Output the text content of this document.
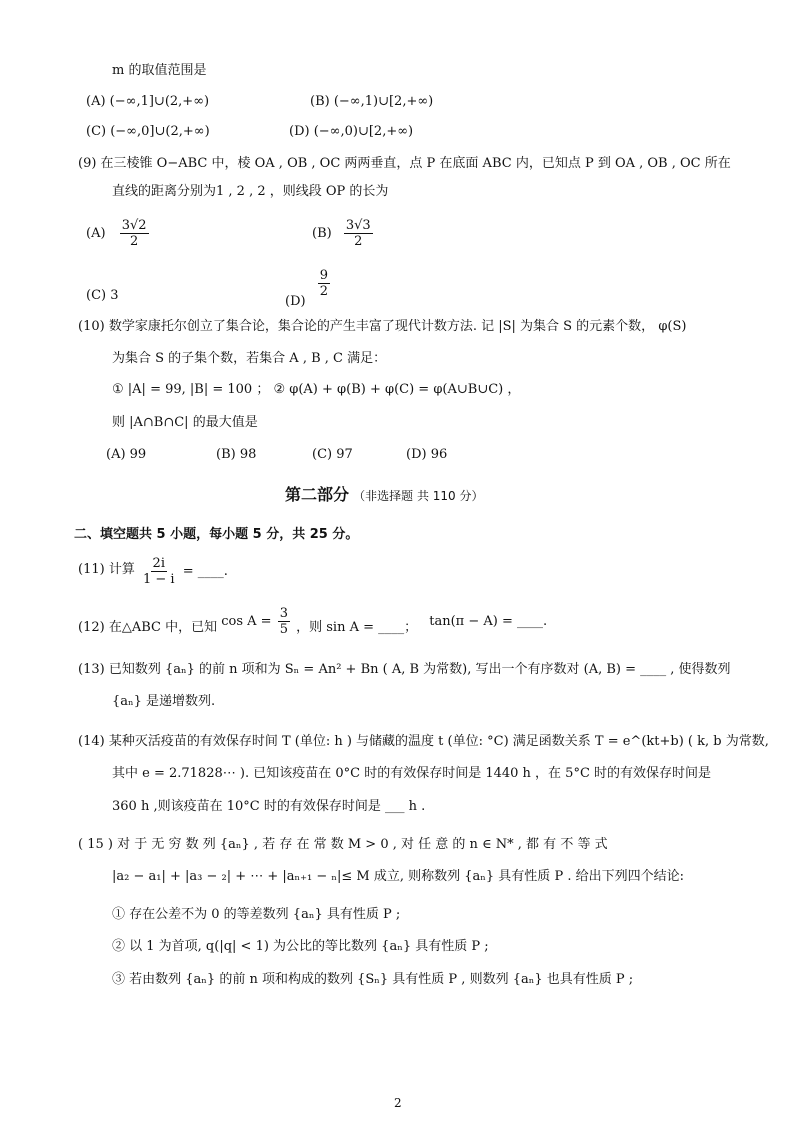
m 的取值范围是
(A) (−∞,1]∪(2,+∞)	(B) (−∞,1)∪[2,+∞)
(C) (−∞,0]∪(2,+∞)	(D) (−∞,0)∪[2,+∞)
(9) 在三棱锥 O−ABC 中，棱 OA , OB , OC 两两垂直，点 P 在底面 ABC 内，已知点 P 到 OA , OB , OC 所在
直线的距离分别为1 , 2 , 2 ，则线段 OP 的长为
$(A) \frac{3√2}{2}$	$(B) \frac{3√3}{2}$
(C) 3	(D)
$\frac{9}{2}$
(10) 数学家康托尔创立了集合论，集合论的产生丰富了现代计数方法. 记 |S| 为集合 S 的元素个数， φ(S)
为集合 S 的子集个数，若集合 A , B , C 满足：
① |A| = 99, |B| = 100 ； ② φ(A) + φ(B) + φ(C) = φ(A∪B∪C) ，
则 |A∩B∩C| 的最大值是
(A) 99	(B) 98	(C) 97	(D) 96
第二部分 （非选择题 共 110 分）
二、填空题共 5 小题，每小题 5 分，共 25 分。
(11) 计算 $\frac{2i}{1 - i}$ = ____.
(12) 在△ABC 中，已知 $\cos A = \frac{3}{5}$ ，则 sin A = ____； tan(π − A) = ____.
(13) 已知数列 {aₙ} 的前 n 项和为 Sₙ = An² + Bn ( A, B 为常数), 写出一个有序数对 (A, B) = ____ , 使得数列
{aₙ} 是递增数列.
(14) 某种灭活疫苗的有效保存时间 T (单位: h ) 与储藏的温度 t (单位: °C) 满足函数关系 T = e^(kt+b) ( k, b 为常数,
其中 e = 2.71828⋯ ). 已知该疫苗在 0°C 时的有效保存时间是 1440 h ，在 5°C 时的有效保存时间是
360 h ,则该疫苗在 10°C 时的有效保存时间是 ___ h .
( 15 ) 对 于 无 穷 数 列 {aₙ} , 若 存 在 常 数 M > 0 , 对 任 意 的 n ∈ N* , 都 有 不 等 式
|a₂ − a₁| + |a₃ − ₂| + ⋯ + |aₙ₊₁ − ₙ|≤ M 成立, 则称数列 {aₙ} 具有性质 P . 给出下列四个结论:
① 存在公差不为 0 的等差数列 {aₙ} 具有性质 P ;
② 以 1 为首项, q(|q| < 1) 为公比的等比数列 {aₙ} 具有性质 P ;
③ 若由数列 {aₙ} 的前 n 项和构成的数列 {Sₙ} 具有性质 P , 则数列 {aₙ} 也具有性质 P ;
2
